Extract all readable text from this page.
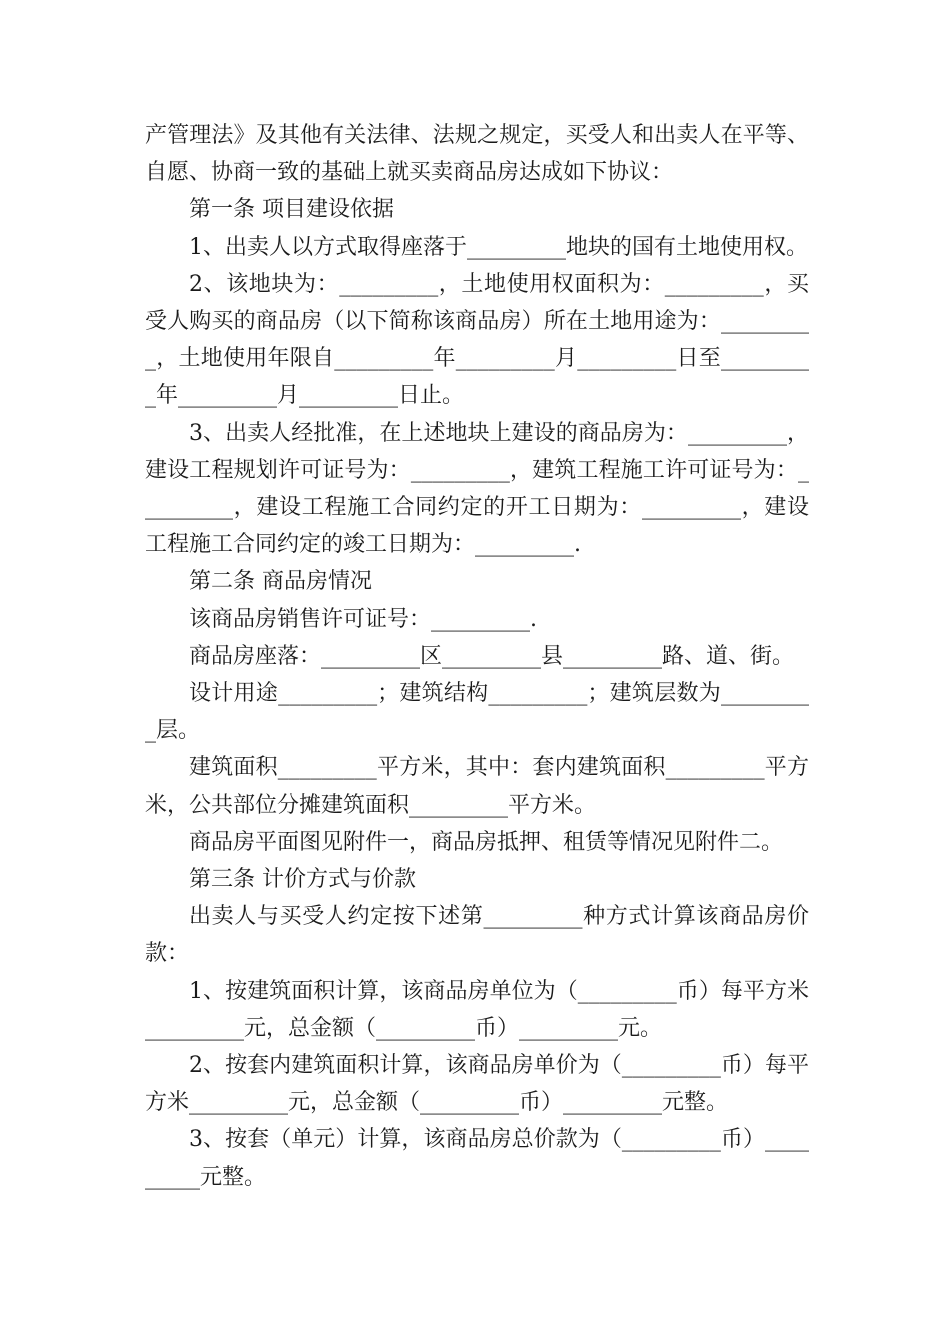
产管理法》及其他有关法律、法规之规定，买受人和出卖人在平等、自愿、协商一致的基础上就买卖商品房达成如下协议：

第一条 项目建设依据

1、出卖人以方式取得座落于_________地块的国有土地使用权。

2、该地块为：_________，土地使用权面积为：_________，买受人购买的商品房（以下简称该商品房）所在土地用途为：_________，土地使用年限自_________年_________月_________日至_________年_________月_________日止。

3、出卖人经批准，在上述地块上建设的商品房为：_________，建设工程规划许可证号为：_________，建筑工程施工许可证号为：_________，建设工程施工合同约定的开工日期为：_________，建设工程施工合同约定的竣工日期为：_________.

第二条 商品房情况

该商品房销售许可证号：_________.

商品房座落：_________区_________县_________路、道、街。

设计用途_________；建筑结构_________；建筑层数为_________层。

建筑面积_________平方米，其中：套内建筑面积_________平方米，公共部位分摊建筑面积_________平方米。

商品房平面图见附件一，商品房抵押、租赁等情况见附件二。

第三条 计价方式与价款

出卖人与买受人约定按下述第_________种方式计算该商品房价款：

1、按建筑面积计算，该商品房单位为（_________币）每平方米_________元，总金额（_________币）_________元。

2、按套内建筑面积计算，该商品房单价为（_________币）每平方米_________元，总金额（_________币）_________元整。

3、按套（单元）计算，该商品房总价款为（_________币）_________元整。
